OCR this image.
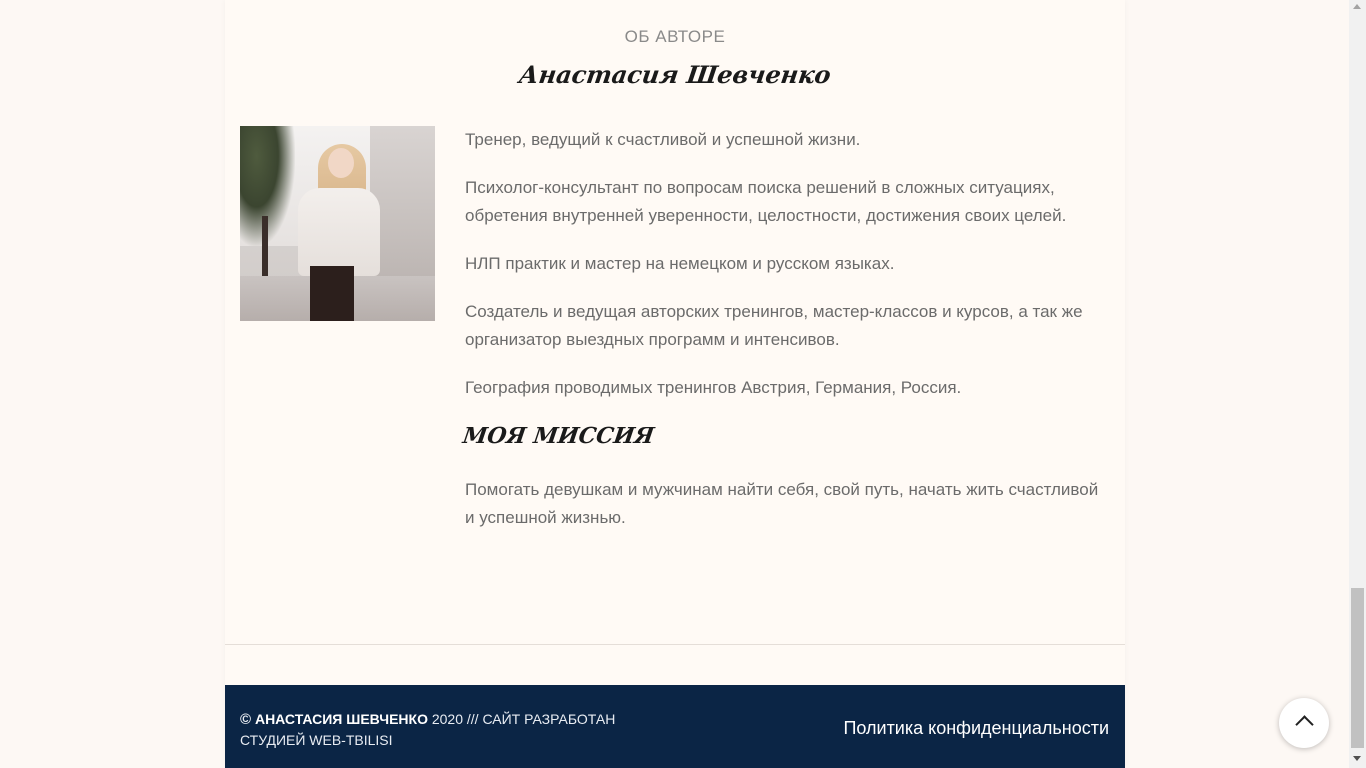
ОБ АВТОРЕ
Анастасия Шевченко

Тренер, ведущий к счастливой и успешной жизни.

Психолог-консультант по вопросам поиска решений в сложных ситуациях, обретения внутренней уверенности, целостности, достижения своих целей.

НЛП практик и мастер на немецком и русском языках.

Создатель и ведущая авторских тренингов, мастер-классов и курсов, а так же организатор выездных программ и интенсивов.

География проводимых тренингов Австрия, Германия, Россия.

МОЯ МИССИЯ

Помогать девушкам и мужчинам найти себя, свой путь, начать жить счастливой и успешной жизнью.

© АНАСТАСИЯ ШЕВЧЕНКО 2020 /// САЙТ РАЗРАБОТАН СТУДИЕЙ WEB-TBILISI
Политика конфиденциальности
